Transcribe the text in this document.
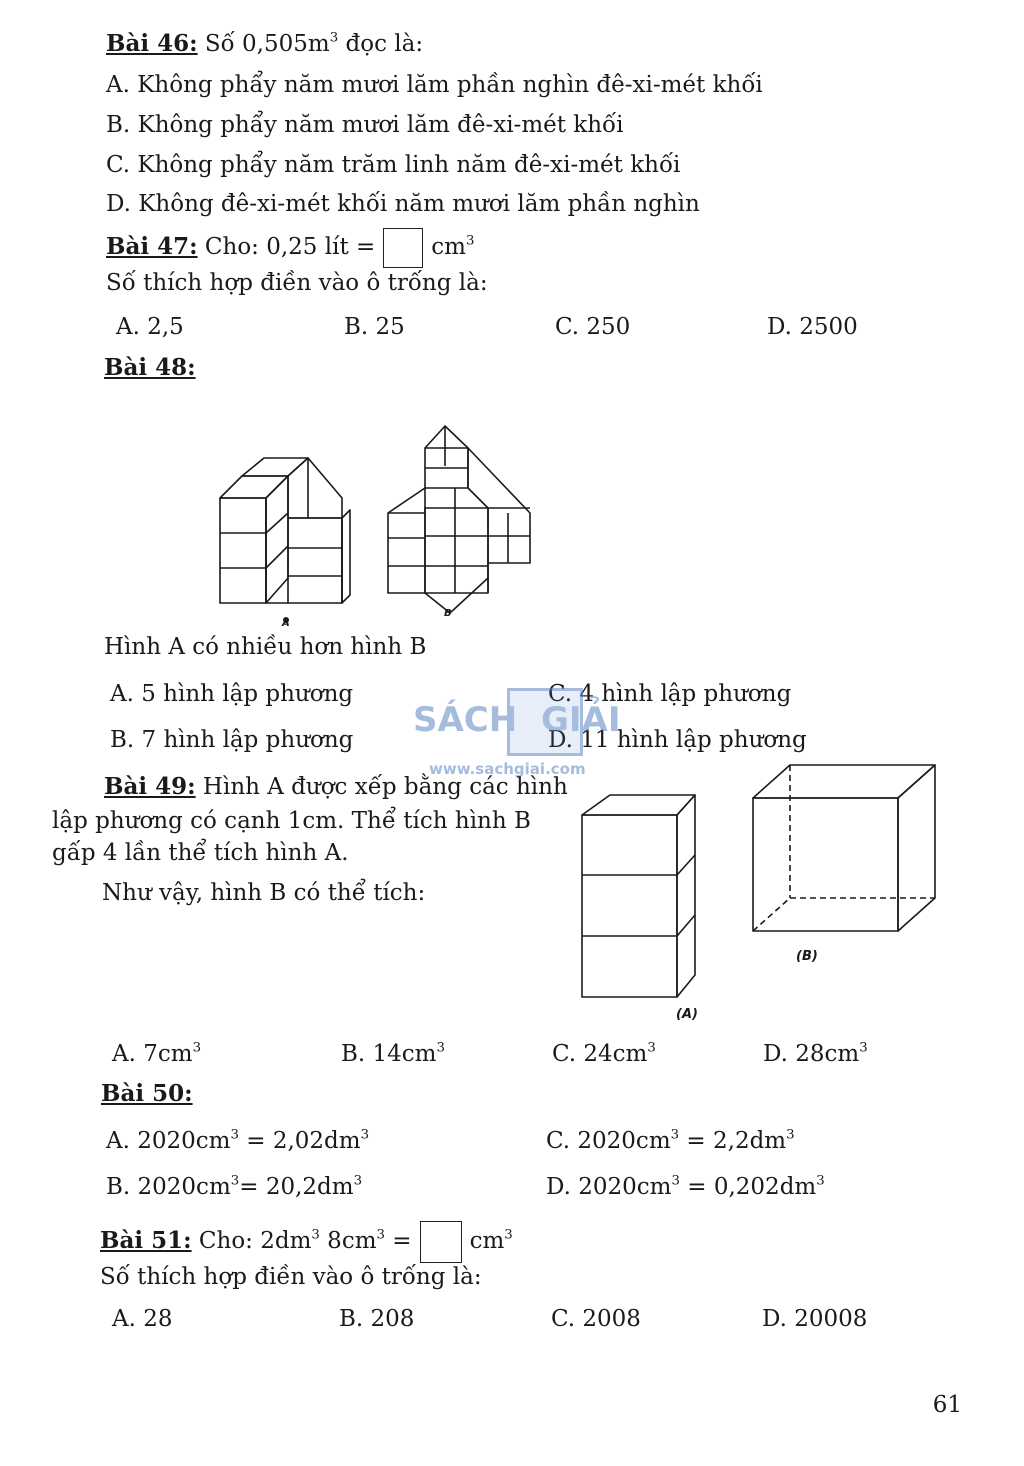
Bài 46: Số $0,505m^3$ đọc là:
A. Không phẩy năm mươi lăm phần nghìn đê-xi-mét khối
B. Không phẩy năm mươi lăm đê-xi-mét khối
C. Không phẩy năm trăm linh năm đê-xi-mét khối
D. Không đê-xi-mét khối năm mươi lăm phần nghìn
Bài 47: Cho: 0,25 lít = $cm^3$
Số thích hợp điền vào ô trống là:
A. 2,5	B. 25	C. 250	D. 2500
Bài 48:
A
B
Hình A có nhiều hơn hình B
A. 5 hình lập phương	C. 4 hình lập phương
B. 7 hình lập phương	D. 11 hình lập phương
SÁCH GIẢI
www.sachgiai.com
Bài 49: Hình A được xếp bằng các hình
lập phương có cạnh 1cm. Thể tích hình B
gấp 4 lần thể tích hình A.
Như vậy, hình B có thể tích:
(A)
(B)
A. $7cm^3$	B. $14cm^3$	C. $24cm^3$	D. $28cm^3$
Bài 50:
A. $2020cm^3 = 2,02dm^3$	C. $2020cm^3 = 2,2dm^3$
B. $2020cm^3= 20,2dm^3$	D. $2020cm^3 = 0,202dm^3$
Bài 51: Cho: $2dm^3$ $8cm^3$ =	$cm^3$
Số thích hợp điền vào ô trống là:
A. 28	B. 208	C. 2008	D. 20008
61
